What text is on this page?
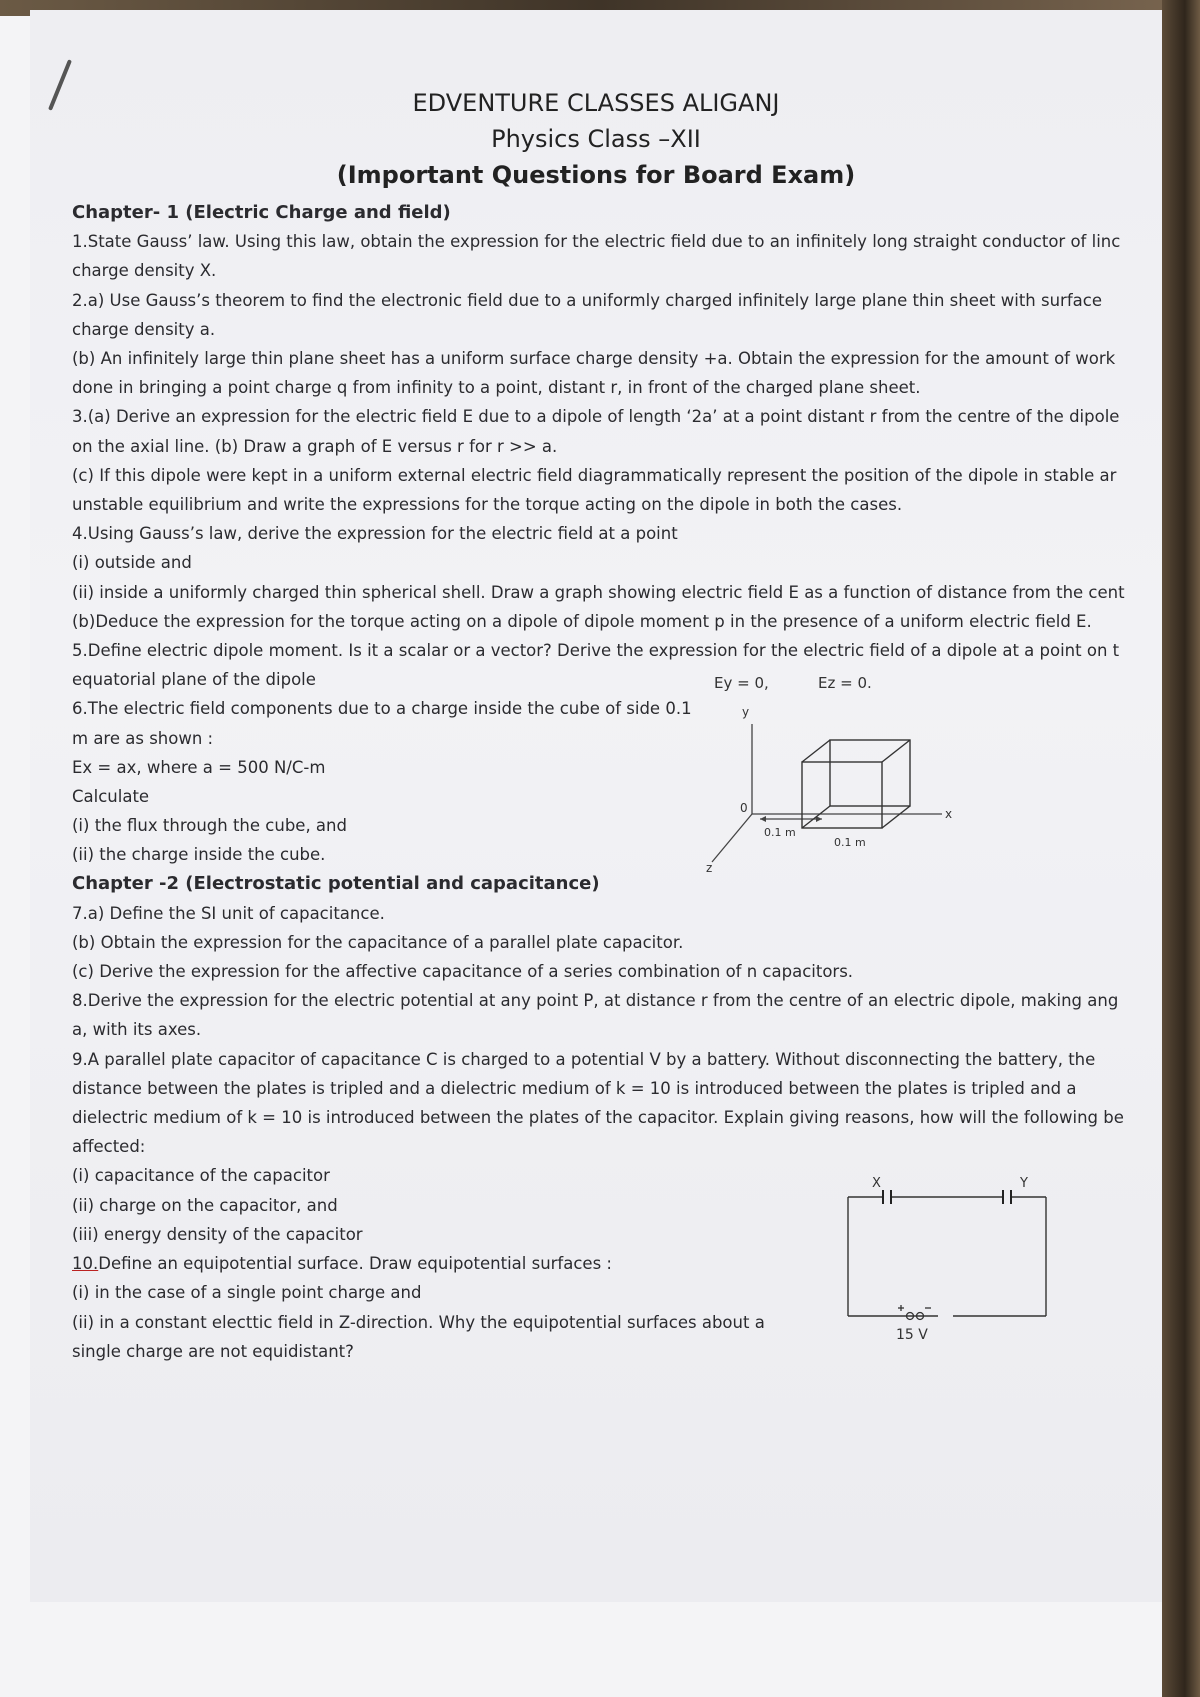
EDVENTURE CLASSES ALIGANJ
Physics Class –XII
(Important Questions for Board Exam)

Chapter- 1 (Electric Charge and field)

1.State Gauss’ law. Using this law, obtain the expression for the electric field due to an infinitely long straight conductor of linc

charge density X.

2.a) Use Gauss’s theorem to find the electronic field due to a uniformly charged infinitely large plane thin sheet with surface

charge density a.

(b) An infinitely large thin plane sheet has a uniform surface charge density +a. Obtain the expression for the amount of work

done in bringing a point charge q from infinity to a point, distant r, in front of the charged plane sheet.

3.(a) Derive an expression for the electric field E due to a dipole of length ‘2a’ at a point distant r from the centre of the dipole

on the axial line. (b) Draw a graph of E versus r for r >> a.

(c) If this dipole were kept in a uniform external electric field diagrammatically represent the position of the dipole in stable ar

unstable equilibrium and write the expressions for the torque acting on the dipole in both the cases.

4.Using Gauss’s law, derive the expression for the electric field at a point

(i) outside and

(ii) inside a uniformly charged thin spherical shell. Draw a graph showing electric field E as a function of distance from the cent

(b)Deduce the expression for the torque acting on a dipole of dipole moment p in the presence of a uniform electric field E.

5.Define electric dipole moment. Is it a scalar or a vector? Derive the expression for the electric field of a dipole at a point on t

equatorial plane of the dipole

6.The electric field components due to a charge inside the cube of side 0.1

m are as shown :

Ex = ax, where a = 500 N/C-m

Calculate

(i) the flux through the cube, and

(ii) the charge inside the cube.

Ey = 0,	Ez = 0.
y
x
z
0
0.1 m
0.1 m

Chapter -2 (Electrostatic potential and capacitance)

7.a) Define the SI unit of capacitance.

(b) Obtain the expression for the capacitance of a parallel plate capacitor.

(c) Derive the expression for the affective capacitance of a series combination of n capacitors.

8.Derive the expression for the electric potential at any point P, at distance r from the centre of an electric dipole, making ang

a, with its axes.

9.A parallel plate capacitor of capacitance C is charged to a potential V by a battery. Without disconnecting the battery, the

distance between the plates is tripled and a dielectric medium of k = 10 is introduced between the plates is tripled and a

dielectric medium of k = 10 is introduced between the plates of the capacitor. Explain giving reasons, how will the following be

affected:

(i) capacitance of the capacitor

(ii) charge on the capacitor, and

(iii) energy density of the capacitor

10.Define an equipotential surface. Draw equipotential surfaces :

(i) in the case of a single point charge and

(ii) in a constant electtic field in Z-direction. Why the equipotential surfaces about a

single charge are not equidistant?

X	Y
15 V
